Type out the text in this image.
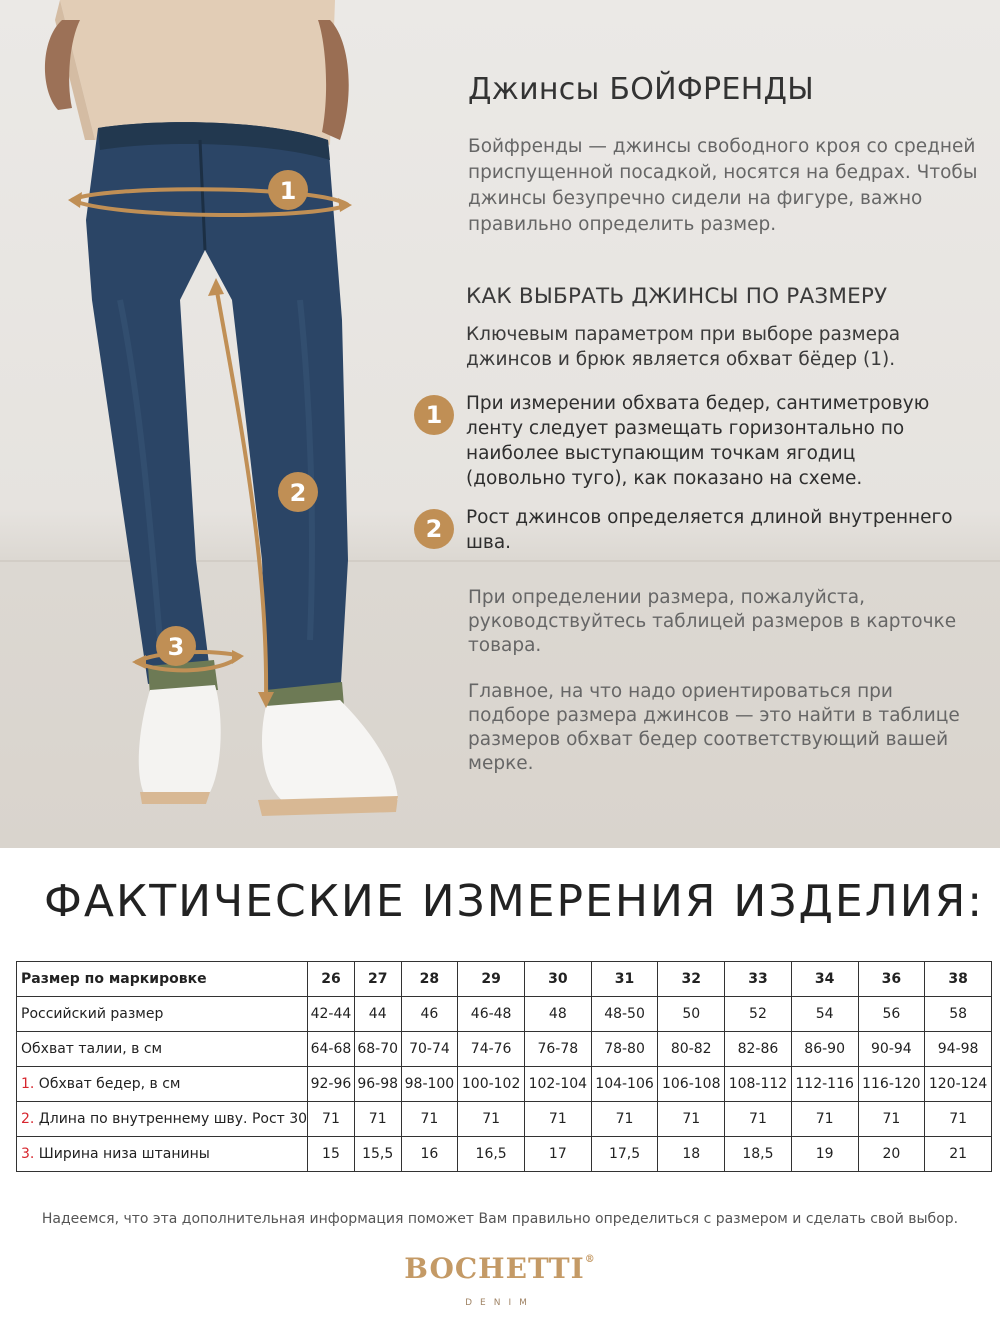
1
2
3
Джинсы БОЙФРЕНДЫ
Бойфренды — джинсы свободного кроя со средней приспущенной посадкой, носятся на бедрах. Чтобы джинсы безупречно сидели на фигуре, важно правильно определить размер.
КАК ВЫБРАТЬ ДЖИНСЫ ПО РАЗМЕРУ
Ключевым параметром при выборе размера джинсов и брюк является обхват бёдер (1).
1	При измерении обхвата бедер, сантиметровую ленту следует размещать горизонтально по наиболее выступающим точкам ягодиц (довольно туго), как показано на схеме.
2	Рост джинсов определяется длиной внутреннего шва.
При определении размера, пожалуйста, руководствуйтесь таблицей размеров в карточке товара.
Главное, на что надо ориентироваться при подборе размера джинсов — это найти в таблице размеров обхват бедер соответствующий вашей мерке.
ФАКТИЧЕСКИЕ ИЗМЕРЕНИЯ ИЗДЕЛИЯ:
Размер по маркировке	26	27	28	29	30	31	32	33	34	36	38
Российский размер	42-44	44	46	46-48	48	48-50	50	52	54	56	58
Обхват талии, в см	64-68	68-70	70-74	74-76	76-78	78-80	80-82	82-86	86-90	90-94	94-98
1. Обхват бедер, в см	92-96	96-98	98-100	100-102	102-104	104-106	106-108	108-112	112-116	116-120	120-124
2. Длина по внутреннему шву. Рост 30	71	71	71	71	71	71	71	71	71	71	71
3. Ширина низа штанины	15	15,5	16	16,5	17	17,5	18	18,5	19	20	21
Надеемся, что эта дополнительная информация поможет Вам правильно определиться с размером и сделать свой выбор.
BOCHETTI®
DENIM
